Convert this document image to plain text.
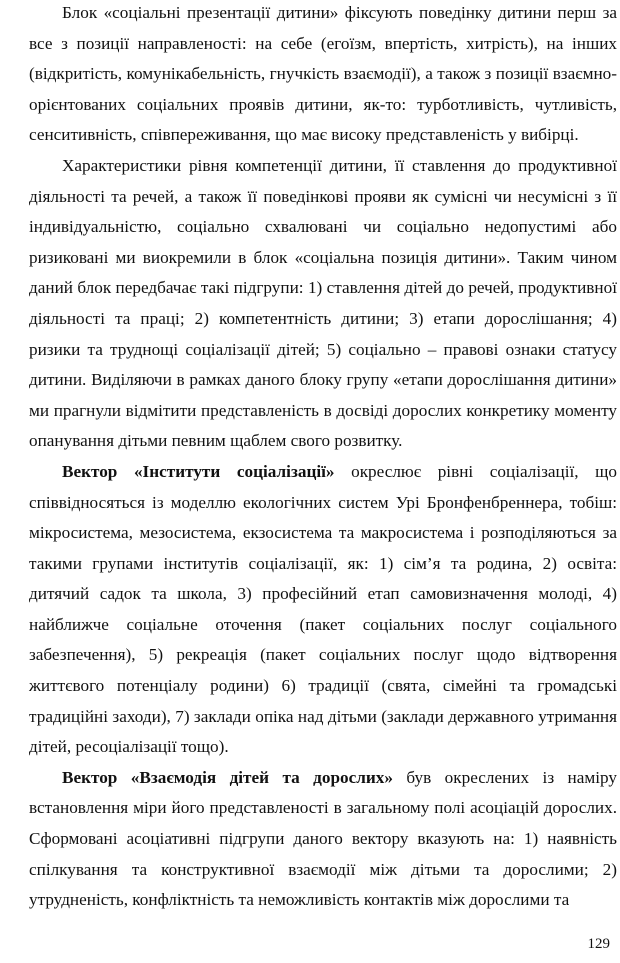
Блок «соціальні презентації дитини» фіксують поведінку дитини перш за все з позиції направленості: на себе (егоїзм, впертість, хитрість), на інших (відкритість, комунікабельність, гнучкість взаємодії), а також з позиції взаємно-орієнтованих соціальних проявів дитини, як-то: турботливість, чутливість, сенситивність, співпереживання, що має високу представленість у вибірці.

Характеристики рівня компетенції дитини, її ставлення до продуктивної діяльності та речей, а також її поведінкові прояви як сумісні чи несумісні з її індивідуальністю, соціально схвалювані чи соціально недопустимі або ризиковані ми виокремили в блок «соціальна позиція дитини». Таким чином даний блок передбачає такі підгрупи: 1) ставлення дітей до речей, продуктивної діяльності та праці; 2) компетентність дитини; 3) етапи дорослішання; 4) ризики та труднощі соціалізації дітей; 5) соціально – правові ознаки статусу дитини. Виділяючи в рамках даного блоку групу «етапи дорослішання дитини» ми прагнули відмітити представленість в досвіді дорослих конкретику моменту опанування дітьми певним щаблем свого розвитку.

Вектор «Інститути соціалізації» окреслює рівні соціалізації, що співвідносяться із моделлю екологічних систем Урі Бронфенбреннера, тобіш: мікросистема, мезосистема, екзосистема та макросистема і розподіляються за такими групами інститутів соціалізації, як: 1) сім’я та родина, 2) освіта: дитячий садок та школа, 3) професійний етап самовизначення молоді, 4) найближче соціальне оточення (пакет соціальних послуг соціального забезпечення), 5) рекреація (пакет соціальних послуг щодо відтворення життєвого потенціалу родини) 6) традиції (свята, сімейні та громадські традиційні заходи), 7) заклади опіка над дітьми (заклади державного утримання дітей, ресоціалізації тощо).

Вектор «Взаємодія дітей та дорослих» був окреслених із наміру встановлення міри його представленості в загальному полі асоціацій дорослих. Сформовані асоціативні підгрупи даного вектору вказують на: 1) наявність спілкування та конструктивної взаємодії між дітьми та дорослими; 2) утрудненість, конфліктність та неможливість контактів між дорослими та

129
